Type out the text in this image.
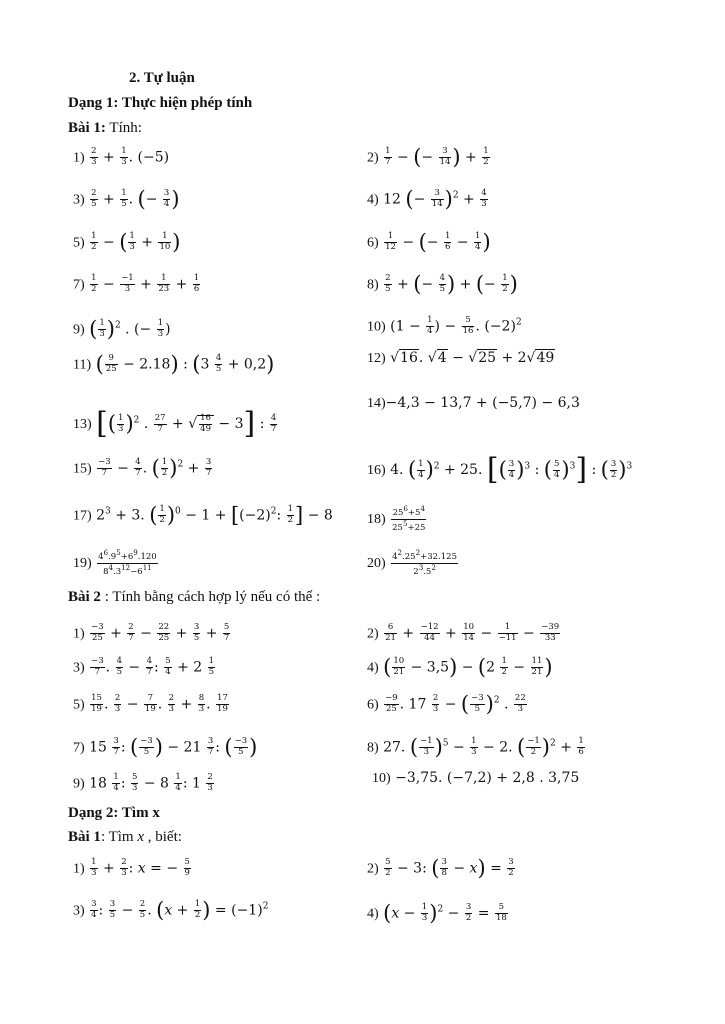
2. Tự luận
Dạng 1: Thực hiện phép tính
Bài 1: Tính:
$1) \frac{2}{3} + \frac{1}{3}$ . (−5)	$2) \frac{1}{7}$ − (− $\frac{3}{14}$ ) + $\frac{1}{2}$
$3) \frac{2}{5} + \frac{1}{5}$ . (− $\frac{3}{4}$ )	4) 12 (− $\frac{3}{14} )^2 + \frac{4}{3}$
$5) \frac{1}{2}$ − ( $\frac{1}{3} + \frac{1}{10}$ )	$6) \frac{1}{12}$ − (− $\frac{1}{6} - \frac{1}{4}$ )
$7) \frac{1}{2} - \frac{-1}{3} + \frac{1}{23} + \frac{1}{6}$	$8) \frac{2}{5}$ + (− $\frac{4}{5}$ ) + (− $\frac{1}{2}$ )
9) ( $\frac{1}{3} )^2$ . (− $\frac{1}{3}$ )	10) ($1 - \frac{1}{4}$ ) − $\frac{5}{16}$ . $(-2)^2$
11) ( $\frac{9}{25} - 2.18$) : $(3 \frac{4}{5} + 0,2)$	12) √16. √4 − √25 + 2√49
13) [( $\frac{1}{3} )^2$ . $\frac{27}{7}$ + √ $\frac{16}{49} - 3$] : $\frac{4}{7}$
14)−4,3 − 13,7 + (−5,7) − 6,3
$15) \frac{-3}{7} - \frac{4}{7}$ . ( $\frac{1}{2} )^2 + \frac{3}{7}$	16) 4. ( $\frac{1}{4} )^2 + 25$. [( $\frac{3}{4} )^3$ : ( $\frac{5}{4} )^3$] : ( $\frac{3}{2} )^3$
17) $2^3 + 3$. ( $\frac{1}{2} )^0 - 1 + [(-2)^2$: $\frac{1}{2}$ ] − 8 $18) \frac{25^6+5^4}{25^5+25}$
$19) \frac{4^6.9^5+6^9.120}{8^4.3^{12}-6^{11}}$	$20) \frac{4^2.25^2+32.125}{2^3.5^2}$
Bài 2 : Tính bằng cách hợp lý nếu có thể :
$1) \frac{-3}{25} + \frac{2}{7} - \frac{22}{25} + \frac{3}{5} + \frac{5}{7}$	$2) \frac{6}{21} + \frac{-12}{44} + \frac{10}{14} - \frac{1}{-11} - \frac{-39}{33}$
$3) \frac{-3}{7}$ . $\frac{4}{5} - \frac{4}{7}$ : $\frac{5}{4} + 2 \frac{1}{5}$	4) ( $\frac{10}{21} - 3,5) - (2 \frac{1}{2} - \frac{11}{21}$ )
$5) \frac{15}{19}$ . $\frac{2}{3} - \frac{7}{19}$ . $\frac{2}{3} + \frac{8}{3}$ . $\frac{17}{19}$	$6) \frac{-9}{25}$ . $17 \frac{2}{3}$ − ( $\frac{-3}{5} )^2$ . $\frac{22}{3}$
7) $15 \frac{3}{7}$ : ( $\frac{-3}{5}$ ) − $21 \frac{3}{7}$ : ( $\frac{-3}{5}$ )	8) 27. ( $\frac{-1}{3} )^5 - \frac{1}{3} - 2$. ( $\frac{-1}{2} )^2 + \frac{1}{6}$
9) $18 \frac{1}{4}$ : $\frac{5}{3} - 8 \frac{1}{4}$ : $1 \frac{2}{3}$	10) −3,75. (−7,2) + 2,8 . 3,75
Dạng 2: Tìm x
Bài 1: Tìm x , biết:
$1) \frac{1}{3} + \frac{2}{3}$ : x = − $\frac{5}{9}$	$2) \frac{5}{2} - 3$: ( $\frac{3}{8} - x) = \frac{3}{2}$
$3) \frac{3}{4}$ : $\frac{3}{5} - \frac{2}{5}$ . ($x + \frac{1}{2}$ ) = $(-1)^2$	4) $(x - \frac{1}{3} )^2 - \frac{3}{2} = \frac{5}{18}$
